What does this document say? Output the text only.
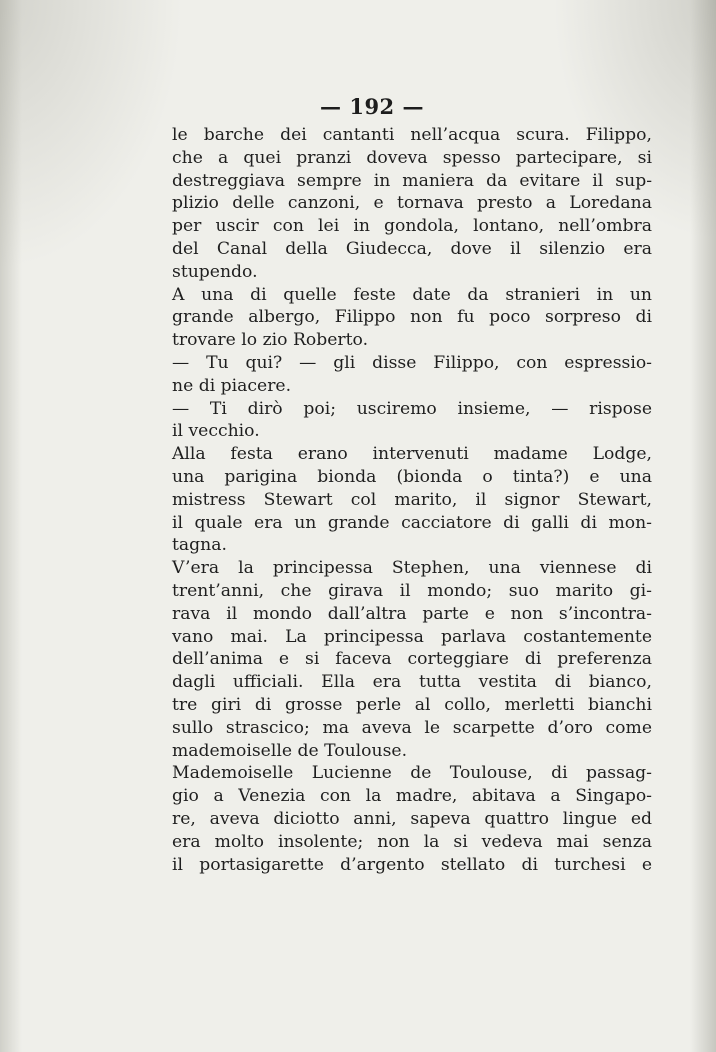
— 192 —
le barche dei cantanti nell’acqua scura. Filippo,
che a quei pranzi doveva spesso partecipare, si
destreggiava sempre in maniera da evitare il sup-
plizio delle canzoni, e tornava presto a Loredana
per uscir con lei in gondola, lontano, nell’ombra
del Canal della Giudecca, dove il silenzio era
stupendo.
A una di quelle feste date da stranieri in un
grande albergo, Filippo non fu poco sorpreso di
trovare lo zio Roberto.
— Tu qui? — gli disse Filippo, con espressio-
ne di piacere.
— Ti dirò poi; usciremo insieme, — rispose
il vecchio.
Alla festa erano intervenuti madame Lodge,
una parigina bionda (bionda o tinta?) e una
mistress Stewart col marito, il signor Stewart,
il quale era un grande cacciatore di galli di mon-
tagna.
V’era la principessa Stephen, una viennese di
trent’anni, che girava il mondo; suo marito gi-
rava il mondo dall’altra parte e non s’incontra-
vano mai. La principessa parlava costantemente
dell’anima e si faceva corteggiare di preferenza
dagli ufficiali. Ella era tutta vestita di bianco,
tre giri di grosse perle al collo, merletti bianchi
sullo strascico; ma aveva le scarpette d’oro come
mademoiselle de Toulouse.
Mademoiselle Lucienne de Toulouse, di passag-
gio a Venezia con la madre, abitava a Singapo-
re, aveva diciotto anni, sapeva quattro lingue ed
era molto insolente; non la si vedeva mai senza
il portasigarette d’argento stellato di turchesi e
